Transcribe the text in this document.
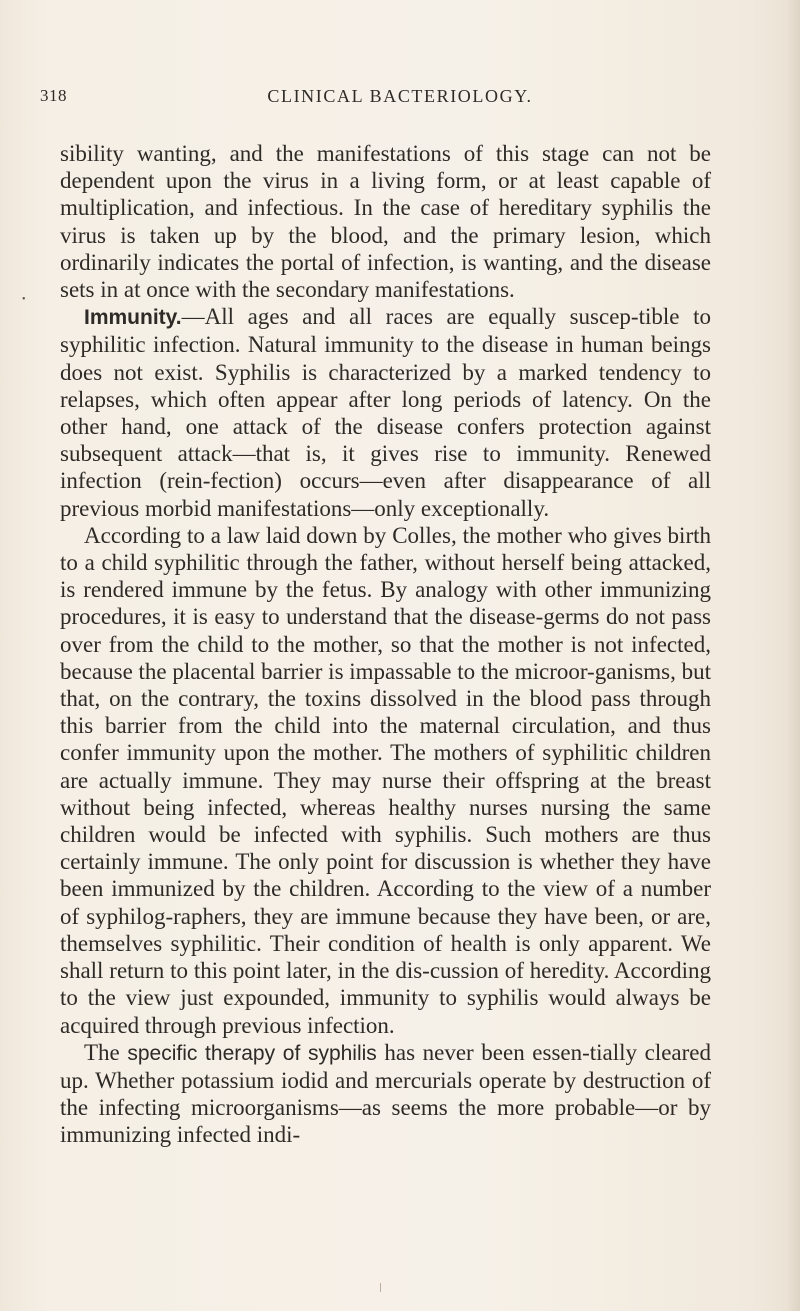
318	CLINICAL BACTERIOLOGY.
•

sibility wanting, and the manifestations of this stage can not be dependent upon the virus in a living form, or at least capable of multiplication, and infectious. In the case of hereditary syphilis the virus is taken up by the blood, and the primary lesion, which ordinarily indicates the portal of infection, is wanting, and the disease sets in at once with the secondary manifestations.

Immunity.—All ages and all races are equally suscep-tible to syphilitic infection. Natural immunity to the disease in human beings does not exist. Syphilis is characterized by a marked tendency to relapses, which often appear after long periods of latency. On the other hand, one attack of the disease confers protection against subsequent attack—that is, it gives rise to immunity. Renewed infection (rein-fection) occurs—even after disappearance of all previous morbid manifestations—only exceptionally.

According to a law laid down by Colles, the mother who gives birth to a child syphilitic through the father, without herself being attacked, is rendered immune by the fetus. By analogy with other immunizing procedures, it is easy to understand that the disease-germs do not pass over from the child to the mother, so that the mother is not infected, because the placental barrier is impassable to the microor-ganisms, but that, on the contrary, the toxins dissolved in the blood pass through this barrier from the child into the maternal circulation, and thus confer immunity upon the mother. The mothers of syphilitic children are actually immune. They may nurse their offspring at the breast without being infected, whereas healthy nurses nursing the same children would be infected with syphilis. Such mothers are thus certainly immune. The only point for discussion is whether they have been immunized by the children. According to the view of a number of syphilog-raphers, they are immune because they have been, or are, themselves syphilitic. Their condition of health is only apparent. We shall return to this point later, in the dis-cussion of heredity. According to the view just expounded, immunity to syphilis would always be acquired through previous infection.

The specific therapy of syphilis has never been essen-tially cleared up. Whether potassium iodid and mercurials operate by destruction of the infecting microorganisms—as seems the more probable—or by immunizing infected indi-
